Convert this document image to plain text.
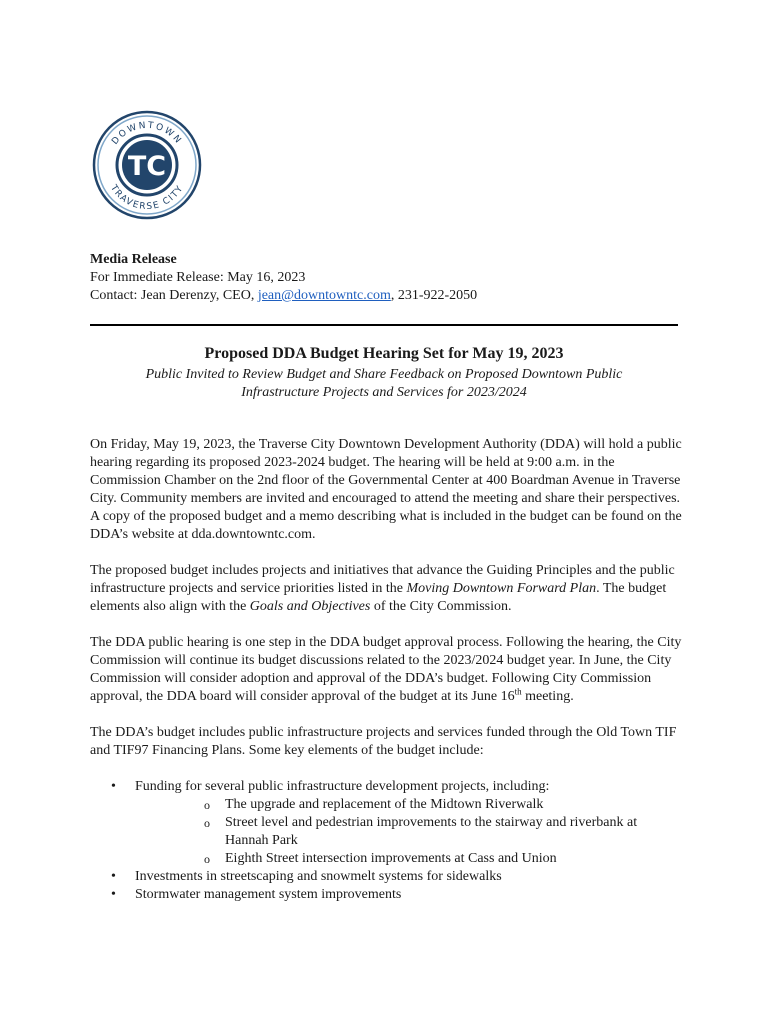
DOWNTOWN
TRAVERSE CITY
TC
Media Release
For Immediate Release: May 16, 2023
Contact: Jean Derenzy, CEO, jean@downtowntc.com, 231-922-2050
Proposed DDA Budget Hearing Set for May 19, 2023
Public Invited to Review Budget and Share Feedback on Proposed Downtown Public Infrastructure Projects and Services for 2023/2024

On Friday, May 19, 2023, the Traverse City Downtown Development Authority (DDA) will hold a public hearing regarding its proposed 2023-2024 budget. The hearing will be held at 9:00 a.m. in the Commission Chamber on the 2nd floor of the Governmental Center at 400 Boardman Avenue in Traverse City. Community members are invited and encouraged to attend the meeting and share their perspectives. A copy of the proposed budget and a memo describing what is included in the budget can be found on the DDA’s website at dda.downtowntc.com.

The proposed budget includes projects and initiatives that advance the Guiding Principles and the public infrastructure projects and service priorities listed in the Moving Downtown Forward Plan. The budget elements also align with the Goals and Objectives of the City Commission.

The DDA public hearing is one step in the DDA budget approval process. Following the hearing, the City Commission will continue its budget discussions related to the 2023/2024 budget year. In June, the City Commission will consider adoption and approval of the DDA’s budget. Following City Commission approval, the DDA board will consider approval of the budget at its June 16th meeting.

The DDA’s budget includes public infrastructure projects and services funded through the Old Town TIF and TIF97 Financing Plans. Some key elements of the budget include:

• Funding for several public infrastructure development projects, including:
o The upgrade and replacement of the Midtown Riverwalk
o Street level and pedestrian improvements to the stairway and riverbank at Hannah Park
o Eighth Street intersection improvements at Cass and Union
• Investments in streetscaping and snowmelt systems for sidewalks
• Stormwater management system improvements
